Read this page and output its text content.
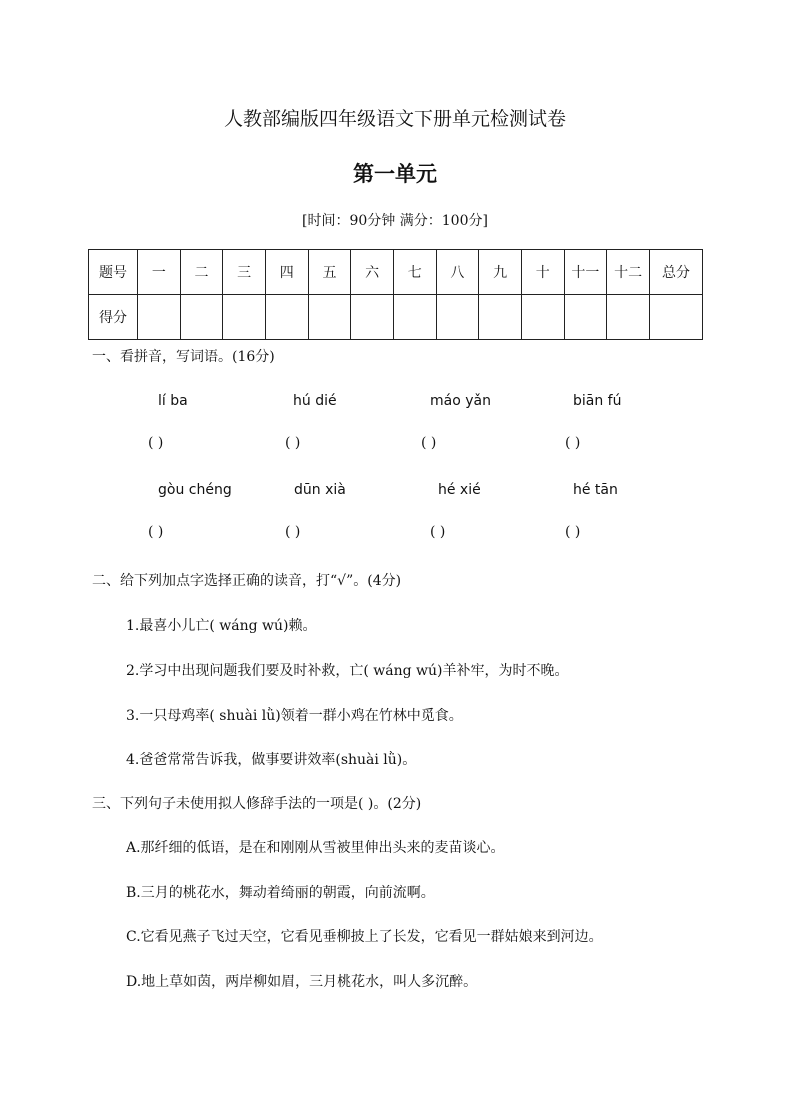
人教部编版四年级语文下册单元检测试卷
第一单元
[时间：90分钟 满分：100分]
题号	一	二	三	四	五	六	七	八	九	十	十一	十二	总分
得分													
一、看拼音，写词语。(16分)
lí ba	hú dié	máo yǎn	biān fú
( )	( )	( )	( )
gòu chéng	dūn xià	hé xié	hé tān
( )	( )	( )	( )
二、给下列加点字选择正确的读音，打“√”。(4分)
1.最喜小儿亡( wáng wú)赖。
2.学习中出现问题我们要及时补救，亡( wáng wú)羊补牢，为时不晚。
3.一只母鸡率( shuài lǜ)领着一群小鸡在竹林中觅食。
4.爸爸常常告诉我，做事要讲效率(shuài lǜ)。
三、下列句子未使用拟人修辞手法的一项是( )。(2分)
A.那纤细的低语，是在和刚刚从雪被里伸出头来的麦苗谈心。
B.三月的桃花水，舞动着绮丽的朝霞，向前流啊。
C.它看见燕子飞过天空，它看见垂柳披上了长发，它看见一群姑娘来到河边。
D.地上草如茵，两岸柳如眉，三月桃花水，叫人多沉醉。
